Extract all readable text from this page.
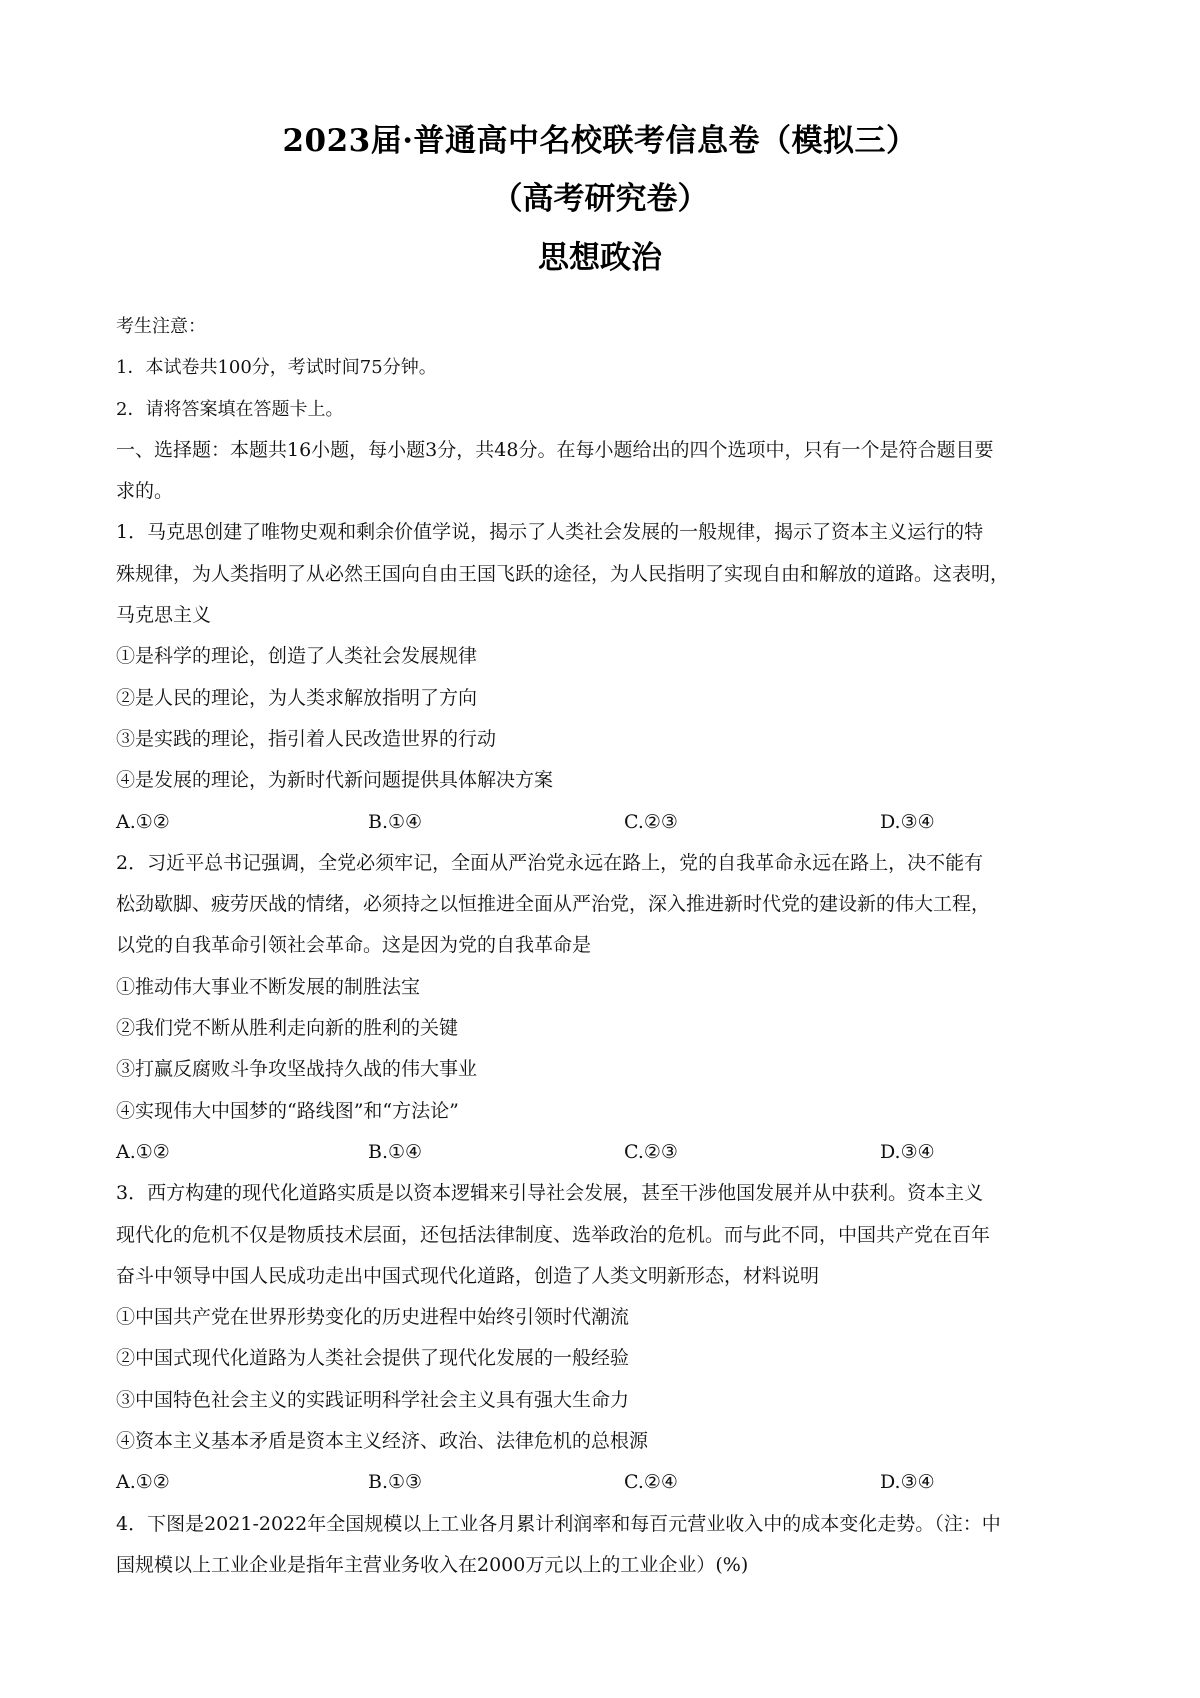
2023届·普通高中名校联考信息卷（模拟三）
（高考研究卷）
思想政治

考生注意：

1．本试卷共100分，考试时间75分钟。

2．请将答案填在答题卡上。

一、选择题：本题共16小题，每小题3分，共48分。在每小题给出的四个选项中，只有一个是符合题目要

求的。

1．马克思创建了唯物史观和剩余价值学说，揭示了人类社会发展的一般规律，揭示了资本主义运行的特

殊规律，为人类指明了从必然王国向自由王国飞跃的途径，为人民指明了实现自由和解放的道路。这表明，

马克思主义

①是科学的理论，创造了人类社会发展规律

②是人民的理论，为人类求解放指明了方向

③是实践的理论，指引着人民改造世界的行动

④是发展的理论，为新时代新问题提供具体解决方案

A.①②	B.①④	C.②③	D.③④

2．习近平总书记强调，全党必须牢记，全面从严治党永远在路上，党的自我革命永远在路上，决不能有

松劲歇脚、疲劳厌战的情绪，必须持之以恒推进全面从严治党，深入推进新时代党的建设新的伟大工程，

以党的自我革命引领社会革命。这是因为党的自我革命是

①推动伟大事业不断发展的制胜法宝

②我们党不断从胜利走向新的胜利的关键

③打赢反腐败斗争攻坚战持久战的伟大事业

④实现伟大中国梦的“路线图”和“方法论”

A.①②	B.①④	C.②③	D.③④

3．西方构建的现代化道路实质是以资本逻辑来引导社会发展，甚至干涉他国发展并从中获利。资本主义

现代化的危机不仅是物质技术层面，还包括法律制度、选举政治的危机。而与此不同，中国共产党在百年

奋斗中领导中国人民成功走出中国式现代化道路，创造了人类文明新形态，材料说明

①中国共产党在世界形势变化的历史进程中始终引领时代潮流

②中国式现代化道路为人类社会提供了现代化发展的一般经验

③中国特色社会主义的实践证明科学社会主义具有强大生命力

④资本主义基本矛盾是资本主义经济、政治、法律危机的总根源

A.①②	B.①③	C.②④	D.③④

4．下图是2021-2022年全国规模以上工业各月累计利润率和每百元营业收入中的成本变化走势。（注：中

国规模以上工业企业是指年主营业务收入在2000万元以上的工业企业）(%)
